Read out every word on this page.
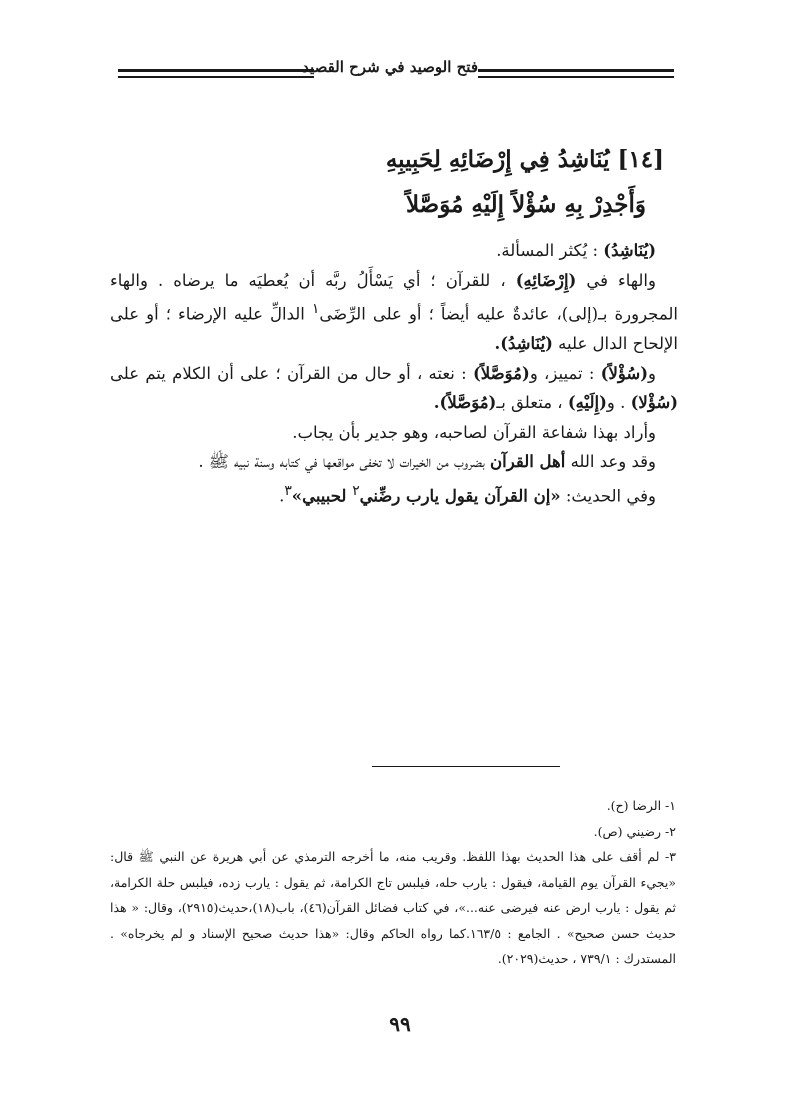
فتح الوصيد في شرح القصيد
[١٤] يُنَاشِدُ فِي إِرْضَائِهِ لِحَبِيبِهِ
وَأَجْدِرْ بِهِ سُؤْلاً إِلَيْهِ مُوَصَّلاً

(يُنَاشِدُ) : يُكثر المسألة.

والهاء في (إِرْضَائِهِ) ، للقرآن ؛ أي يَسْأَلُ ربَّه أن يُعطيَه ما يرضاه . والهاء المجرورة بـ(إلى)، عائدةٌ عليه أيضاً ؛ أو على الرِّضَى$^١$ الدالِّ عليه الإرضاء ؛ أو على الإلحاح الدال عليه (يُنَاشِدُ).

و(سُؤْلاً) : تمييز، و(مُوَصَّلاً) : نعته ، أو حال من القرآن ؛ على أن الكلام يتم على (سُؤْلا) . و(إِلَيْهِ) ، متعلق بـ(مُوَصَّلاً).

وأراد بهذا شفاعة القرآن لصاحبه، وهو جدير بأن يجاب.

وقد وعد الله أهل القرآن بضروب من الخيرات لا تخفى مواقعها في كتابه وسنة نبيه ﷺ .

وفي الحديث: «إن القرآن يقول يارب رضِّني$^٢$ لحبيبي»$^٣$.

١- الرضا (ح).

٢- رضيني (ص).

٣- لم أقف على هذا الحديث بهذا اللفظ. وقريب منه، ما أخرجه الترمذي عن أبي هريرة عن النبي ﷺ قال: «يجيء القرآن يوم القيامة، فيقول : يارب حله، فيلبس تاج الكرامة، ثم يقول : يارب زده، فيلبس حلة الكرامة، ثم يقول : يارب ارض عنه فيرضى عنه...»، في كتاب فضائل القرآن(٤٦)، باب(١٨)،حديث(٢٩١٥)، وقال: « هذا حديث حسن صحيح» . الجامع : ١٦٣/٥.كما رواه الحاكم وقال: «هذا حديث صحيح الإسناد و لم يخرجاه» . المستدرك : ٧٣٩/١ ، حديث(٢٠٢٩).

٩٩
